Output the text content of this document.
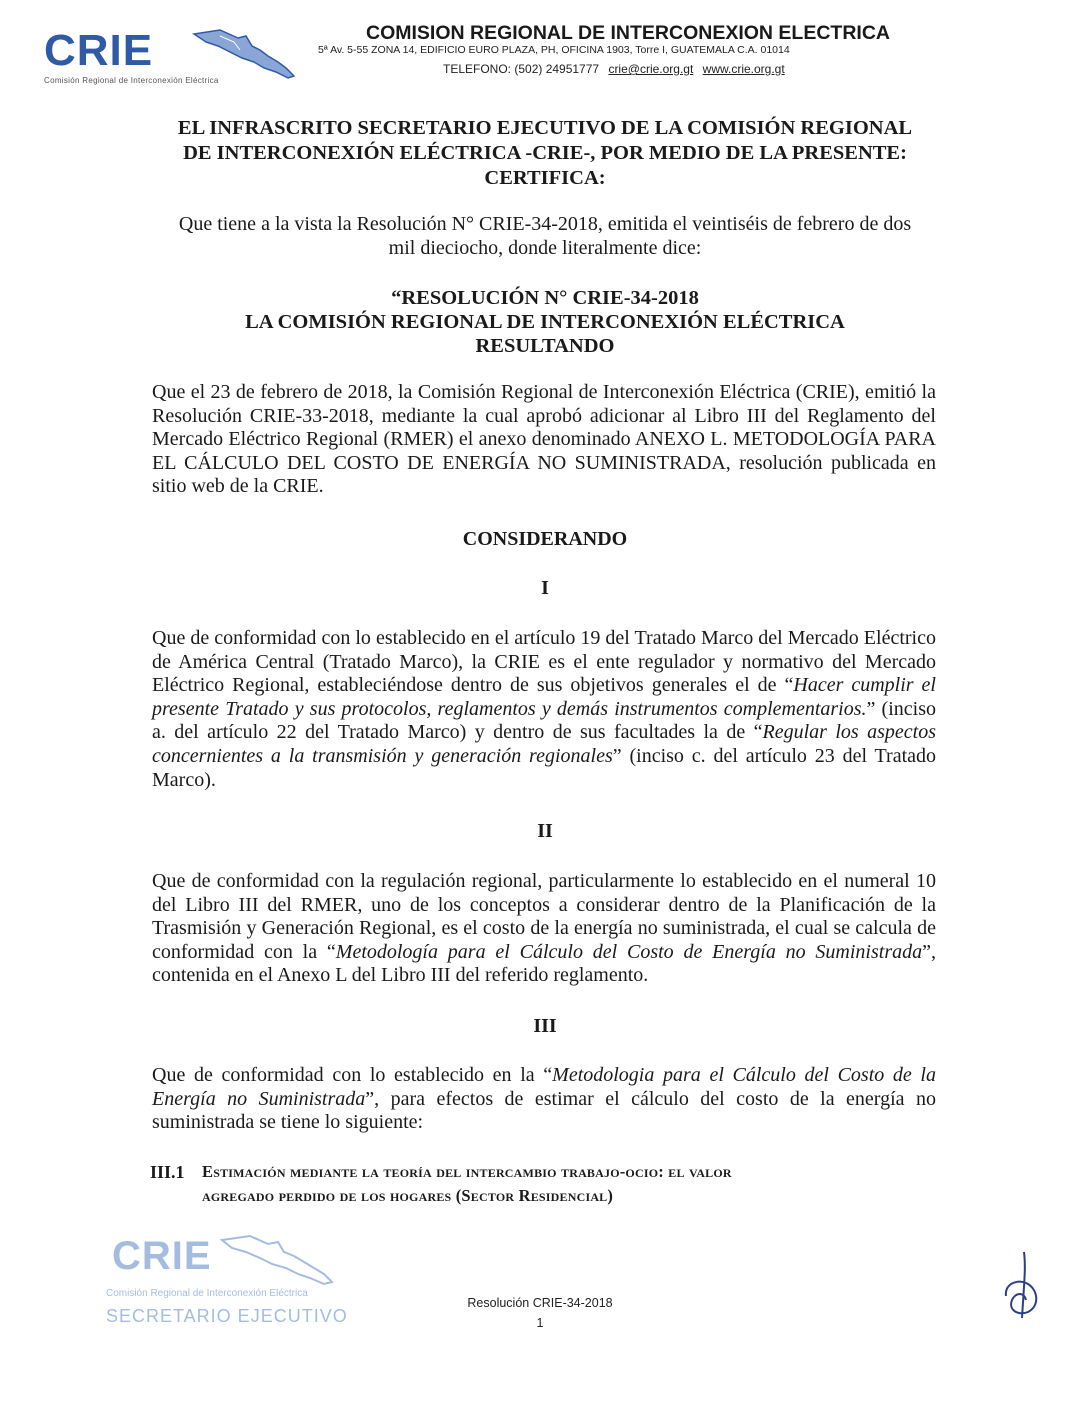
CRIE
Comisión Regional de Interconexión Eléctrica
COMISION REGIONAL DE INTERCONEXION ELECTRICA
5ª Av. 5-55 ZONA 14, EDIFICIO EURO PLAZA, PH, OFICINA 1903, Torre I, GUATEMALA C.A. 01014
TELEFONO: (502) 24951777 crie@crie.org.gt www.crie.org.gt
EL INFRASCRITO SECRETARIO EJECUTIVO DE LA COMISIÓN REGIONAL
DE INTERCONEXIÓN ELÉCTRICA -CRIE-, POR MEDIO DE LA PRESENTE:
CERTIFICA:
Que tiene a la vista la Resolución N° CRIE-34-2018, emitida el veintiséis de febrero de dos
mil dieciocho, donde literalmente dice:
“RESOLUCIÓN N° CRIE-34-2018
LA COMISIÓN REGIONAL DE INTERCONEXIÓN ELÉCTRICA
RESULTANDO
Que el 23 de febrero de 2018, la Comisión Regional de Interconexión Eléctrica (CRIE), emitió la Resolución CRIE-33-2018, mediante la cual aprobó adicionar al Libro III del Reglamento del Mercado Eléctrico Regional (RMER) el anexo denominado ANEXO L. METODOLOGÍA PARA EL CÁLCULO DEL COSTO DE ENERGÍA NO SUMINISTRADA, resolución publicada en sitio web de la CRIE.
CONSIDERANDO
I
Que de conformidad con lo establecido en el artículo 19 del Tratado Marco del Mercado Eléctrico de América Central (Tratado Marco), la CRIE es el ente regulador y normativo del Mercado Eléctrico Regional, estableciéndose dentro de sus objetivos generales el de “Hacer cumplir el presente Tratado y sus protocolos, reglamentos y demás instrumentos complementarios.” (inciso a. del artículo 22 del Tratado Marco) y dentro de sus facultades la de “Regular los aspectos concernientes a la transmisión y generación regionales” (inciso c. del artículo 23 del Tratado Marco).
II
Que de conformidad con la regulación regional, particularmente lo establecido en el numeral 10 del Libro III del RMER, uno de los conceptos a considerar dentro de la Planificación de la Trasmisión y Generación Regional, es el costo de la energía no suministrada, el cual se calcula de conformidad con la “Metodología para el Cálculo del Costo de Energía no Suministrada”, contenida en el Anexo L del Libro III del referido reglamento.
III
Que de conformidad con lo establecido en la “Metodologia para el Cálculo del Costo de la Energía no Suministrada”, para efectos de estimar el cálculo del costo de la energía no suministrada se tiene lo siguiente:
III.1 Estimación mediante la teoría del intercambio trabajo-ocio: el valor
agregado perdido de los hogares (Sector Residencial)
CRIE
Comisión Regional de Interconexión Eléctrica
SECRETARIO EJECUTIVO
Resolución CRIE-34-2018
1
